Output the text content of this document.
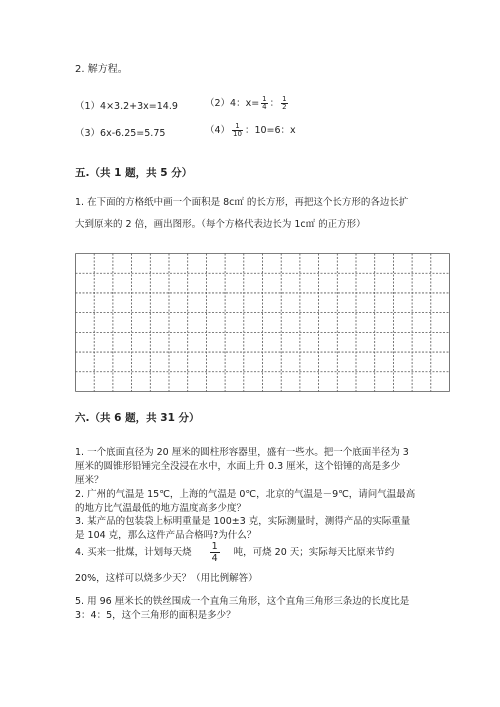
2. 解方程。
（1）4×3.2+3x=14.9	（2）4：$x= \frac{1}{4}$ ： $\frac{1}{2}$
（3）6x-6.25=5.75	$(4) \frac{1}{10}$ ：10=6：x
五.（共 1 题，共 5 分）
1. 在下面的方格纸中画一个面积是 8c㎡ 的长方形，再把这个长方形的各边长扩
大到原来的 2 倍，画出图形。（每个方格代表边长为 1c㎡ 的正方形）
六.（共 6 题，共 31 分）
1. 一个底面直径为 20 厘米的圆柱形容器里，盛有一些水。把一个底面半径为 3
厘米的圆锥形铅锤完全没浸在水中，水面上升 0.3 厘米，这个铅锤的高是多少
厘米？
2. 广州的气温是 15℃，上海的气温是 0℃，北京的气温是－9℃，请问气温最高
的地方比气温最低的地方温度高多少度？
3. 某产品的包装袋上标明重量是 100±3 克，实际测量时，测得产品的实际重量
是 104 克，那么这件产品合格吗?为什么？
4. 买来一批煤，计划每天烧 $\frac{1}{4}$ 吨，可烧 20 天；实际每天比原来节约
20%，这样可以烧多少天？（用比例解答）
5. 用 96 厘米长的铁丝围成一个直角三角形，这个直角三角形三条边的长度比是
3：4：5，这个三角形的面积是多少？
